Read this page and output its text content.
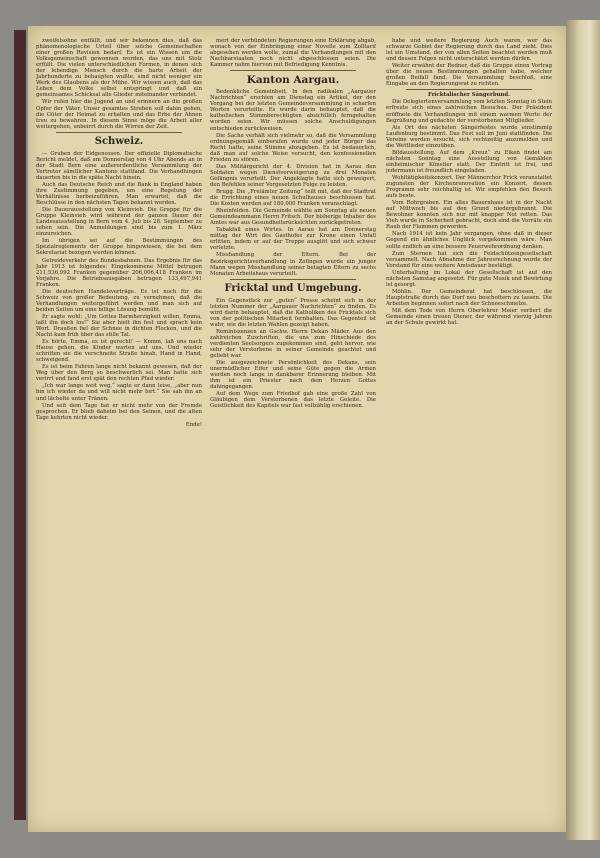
zweifelsohne entfällt, und wir bekennen dies, daß das phänomenologische Urteil über solche Gemeinschaften einer großen Revision bedarf. Es ist ein Wissen um die Volksgemeinschaft gewonnen worden, das uns mit Stolz erfüllt. Die vielen unterschiedlichen Formen, in denen sich der lebendige Mensch durch die harte Arbeit der Jahrhunderte zu behaupten wußte, sind nicht weniger ein Werk des Glaubens als der Mühe. Wir wissen auch, daß das Leben dem Volke selbst entspringt und daß ein gemeinsames Schicksal alle Glieder miteinander verbindet.

Wir rufen hier die Jugend an und erinnern an die großen Opfer der Väter. Unser gesamtes Streben soll dahin gehen, die Güter der Heimat zu erhalten und das Erbe der Ahnen treu zu bewahren. In diesem Sinne möge die Arbeit aller weitergehen, unbeirrt durch die Wirren der Zeit.

Schweiz.

— Gruben der Eidgenossen. Der offizielle Diplomatische Bericht meldet, daß am Donnerstag von 4 Uhr Abends an in der Stadt Bern eine außerordentliche Versammlung der Vertreter sämtlicher Kantone stattfand. Die Verhandlungen dauerten bis in die späte Nacht hinein.

Auch das Deutsche Reich und die Bank in England haben ihre Zustimmung gegeben, um eine Regelung der Verhältnisse herbeizuführen. Man erwartet, daß die Beschlüsse in den nächsten Tagen bekannt werden.

Die Dauerausstellung von Kleinvieh. Die Gruppe für die Gruppe Kleinvieh wird während der ganzen Dauer der Landesausstellung in Bern vom 4. Juli bis 28. September zu sehen sein. Die Anmeldungen sind bis zum 1. März einzureichen.

Im übrigen sei auf die Bestimmungen des Spezialreglements der Gruppe hingewiesen, die bei dem Sekretariat bezogen werden können.

Getreideverkehr des Bundesbahnen. Das Ergebnis für das Jahr 1913 ist folgendes: Eingekommene Mittel betrugen 211,536,992 Franken gegenüber 206,006,418 Franken im Vorjahre. Die Betriebsausgaben betrugen 133,497,941 Franken.

Die deutschen Handelsverträge. Es ist noch für die Schweiz von großer Bedeutung, zu vernehmen, daß die Verhandlungen weitergeführt werden und man sich auf beiden Seiten um eine billige Lösung bemüht.

Er sagte wohl: „Um Gottes Barmherzigkeit willen, Emma, laßt ihn doch los!“ Sie aber hielt ihn fest und sprach kein Wort. Draußen fiel der Schnee in dichten Flocken, und die Nacht kam früh über das stille Tal.

Es hörte, Emma, es ist gerecht! — Komm, laß uns nach Hause gehen, die Kinder warten auf uns. Und wieder schritten sie die verschneite Straße hinab, Hand in Hand, schweigend.

Es ist beim Fahren lange nicht bekannt gewesen, daß der Weg über den Berg so beschwerlich sei. Man hatte sich verirrt und fand erst spät den rechten Pfad wieder.

„Ich war lange weit weg,“ sagte er dann leise, „aber nun bin ich wieder da und will nicht mehr fort.“ Sie sah ihn an und lächelte unter Tränen.

Und seit dem Tage hat er nicht mehr von der Fremde gesprochen. Er blieb daheim bei den Seinen, und die alten Tage kehrten nicht wieder.

Ende!

mert der verbündeten Regierungen eine Erklärung abgab, wonach von der Einbringung einer Novelle zum Zolltarif abgesehen werden wolle, zumal die Verhandlungen mit den Nachbarstaaten noch nicht abgeschlossen seien. Die Kammer nahm hiervon mit Befriedigung Kenntnis.

Kanton Aargau.

Bedenkliche Gemeinheit. In den radikalen „Aargauer Nachrichten“ erschien am Dienstag ein Artikel, der den Vorgang bei der letzten Gemeindeversammlung in scharfen Worten verurteilte. Es wurde darin behauptet, daß die katholischen Stimmberechtigten absichtlich ferngehalten worden seien. Wir müssen solche Anschuldigungen entschieden zurückweisen.

Die Sache verhält sich vielmehr so, daß die Versammlung ordnungsgemäß einberufen wurde und jeder Bürger das Recht hatte, seine Stimme abzugeben. Es ist bedauerlich, daß man auf solche Weise versucht, den konfessionellen Frieden zu stören.

Das Militärgericht der 4. Division hat in Aarau den Soldaten wegen Dienstverweigerung zu drei Monaten Gefängnis verurteilt. Der Angeklagte hatte sich geweigert, den Befehlen seiner Vorgesetzten Folge zu leisten.

Brugg. Die „Freiämter Zeitung“ teilt mit, daß der Stadtrat die Errichtung eines neuen Schulhauses beschlossen hat. Die Kosten werden auf 180,000 Franken veranschlagt.

Rheinfelden. Die Gemeinde wählte am Sonntag als neuen Gemeindeammann Herrn Fritsch. Der bisherige Inhaber des Amtes war aus Gesundheitsrücksichten zurückgetreten.

Tabakfall eines Wirtes. In Aarau hat am Donnerstag mittag der Wirt des Gasthofes zur Krone einen Unfall erlitten, indem er auf der Treppe ausglitt und sich schwer verletzte.

Misshandlung der Eltern. Bei der Bezirksgerichtsverhandlung in Zofingen wurde ein junger Mann wegen Misshandlung seiner betagten Eltern zu sechs Monaten Arbeitshaus verurteilt.

Fricktal und Umgebung.

Ein Gegenstück zur „guten“ Presse scheint sich in der letzten Nummer der „Aargauer Nachrichten“ zu finden. Es wird darin behauptet, daß die Katholiken des Fricktals sich von der politischen Mitarbeit fernhalten. Das Gegenteil ist wahr, wie die letzten Wahlen gezeigt haben.

Reminiszenzen an Gschw. Herrn Dekan Mäder. Aus den zahlreichen Zuschriften, die uns zum Hinschiede des verdienten Seelsorgers zugekommen sind, geht hervor, wie sehr der Verstorbene in seiner Gemeinde geachtet und geliebt war.

Die ausgezeichnete Persönlichkeit des Dekans, sein unermüdlicher Eifer und seine Güte gegen die Armen werden noch lange in dankbarer Erinnerung bleiben. Mit ihm ist ein Priester nach dem Herzen Gottes dahingegangen.

Auf dem Wege zum Friedhof gab eine große Zahl von Gläubigen dem Verstorbenen das letzte Geleite. Die Geistlichkeit des Kapitels war fast vollzählig erschienen.

habe und weitere Regierung Auch waren, wer das schwarze Gebiet der Regierung durch das Land zieht. Dies ist ein Umstand, der von allen Seiten beachtet werden muß und dessen Folgen nicht unterschätzt werden dürfen.

Weiter erwähnt der Redner, daß die Gruppe einen Vortrag über die neuen Bestimmungen gehalten habe, welcher großen Beifall fand. Die Versammlung beschloß, eine Eingabe an den Regierungsrat zu richten.

Fricktalischer Sängerbund.

Die Delegiertenversammlung vom letzten Sonntag in Stein erfreute sich eines zahlreichen Besuches. Der Präsident eröffnete die Verhandlungen mit einem warmen Worte der Begrüßung und gedachte der verstorbenen Mitglieder.

Als Ort des nächsten Sängerfestes wurde einstimmig Laufenburg bestimmt. Das Fest soll im Juni stattfinden. Die Vereine werden ersucht, sich rechtzeitig anzumelden und die Wettlieder einzuüben.

Bildausstellung. Auf dem „Kreuz“ zu Eiken findet am nächsten Sonntag eine Ausstellung von Gemälden einheimischer Künstler statt. Der Eintritt ist frei, und jedermann ist freundlich eingeladen.

Wohltätigkeitskonzert. Der Männerchor Frick veranstaltet zugunsten der Kirchenrenovation ein Konzert, dessen Programm sehr reichhaltig ist. Wir empfehlen den Besuch aufs beste.

Vom Rohrgraben. Ein altes Bauernhaus ist in der Nacht auf Mittwoch bis auf den Grund niedergebrannt. Die Bewohner konnten sich nur mit knapper Not retten. Das Vieh wurde in Sicherheit gebracht, doch sind die Vorräte ein Raub der Flammen geworden.

Nach 1914 ist kein Jahr vergangen, ohne daß in dieser Gegend ein ähnliches Unglück vorgekommen wäre. Man sollte endlich an eine bessere Feuerwehrordnung denken.

Zum Sternen hat sich die Feldschützengesellschaft versammelt. Nach Abnahme der Jahresrechnung wurde der Vorstand für eine weitere Amtsdauer bestätigt.

Unterhaltung im Lokal der Gesellschaft ist auf den nächsten Samstag angesetzt. Für gute Musik und Bewirtung ist gesorgt.

Möhlin. Der Gemeinderat hat beschlossen, die Hauptstraße durch das Dorf neu beschottern zu lassen. Die Arbeiten beginnen sofort nach der Schneeschmelze.

Mit dem Tode von Herrn Oberlehrer Meier verliert die Gemeinde einen treuen Diener, der während vierzig Jahren an der Schule gewirkt hat.
